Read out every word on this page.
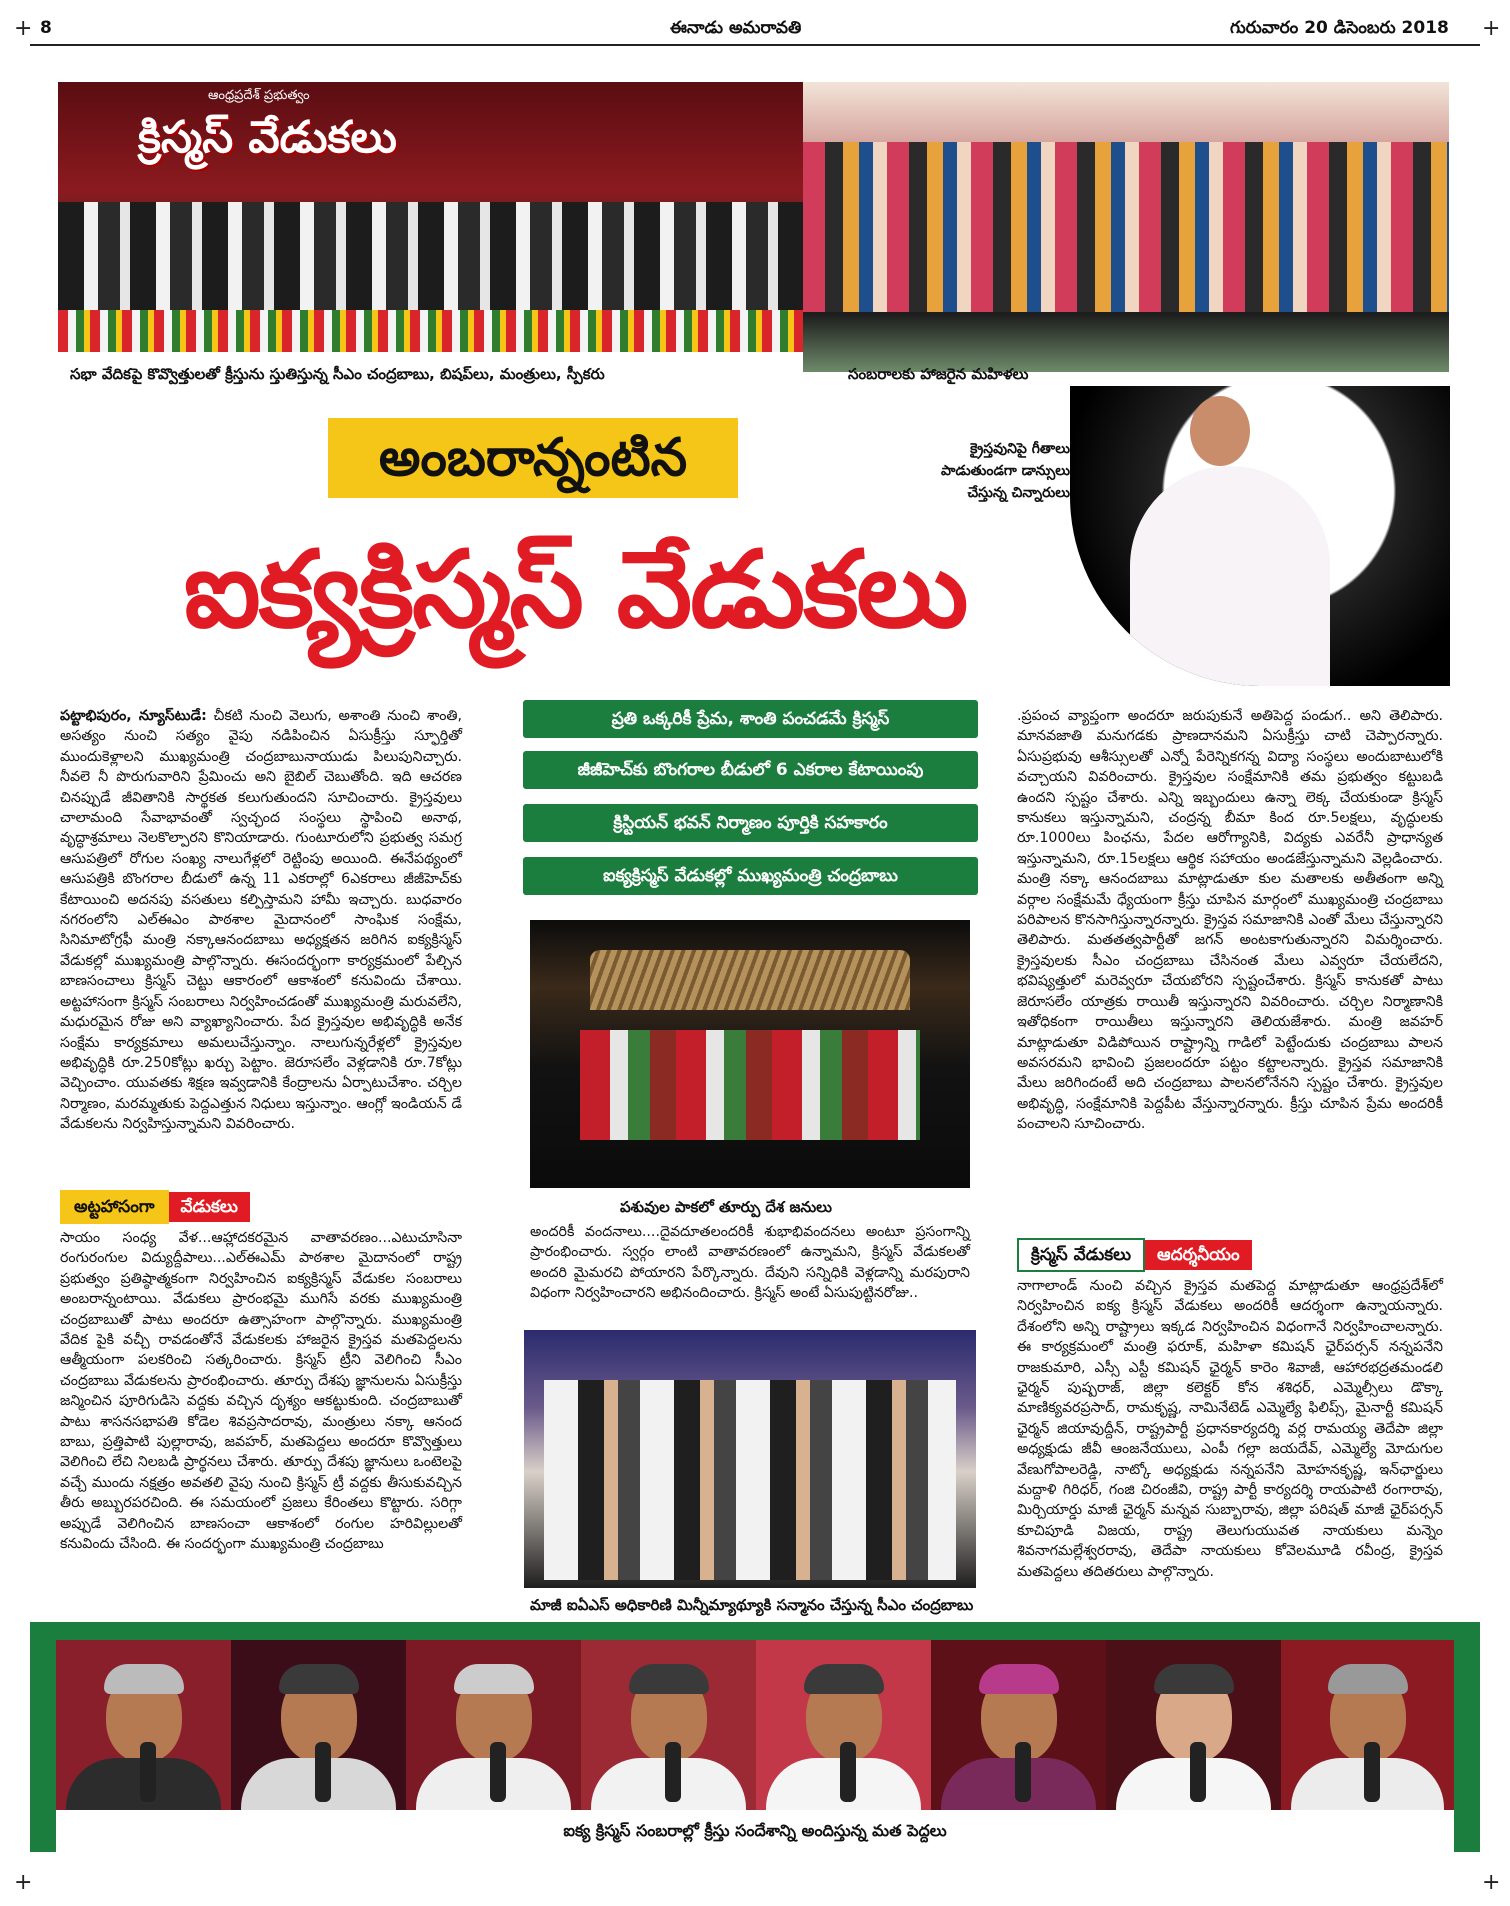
+	+
+	+
8	ఈనాడు అమరావతి	గురువారం 20 డిసెంబరు 2018
ఆంధ్రప్రదేశ్ ప్రభుత్వం
క్రిస్మస్ వేడుకలు
సభా వేదికపై కొవ్వొత్తులతో క్రీస్తును స్తుతిస్తున్న సీఎం చంద్రబాబు, బిషప్‌లు, మంత్రులు, స్పీకరు	సంబరాలకు హాజరైన మహిళలు
క్రైస్తవునిపై గీతాలు పాడుతుండగా డాన్సులు చేస్తున్న చిన్నారులు
అంబరాన్నంటిన
ఐక్యక్రిస్మస్ వేడుకలు

పట్టాభిపురం, న్యూస్‌టుడే: చీకటి నుంచి వెలుగు, అశాంతి నుంచి శాంతి, అసత్యం నుంచి సత్యం వైపు నడిపించిన ఏసుక్రీస్తు స్ఫూర్తితో ముందుకెళ్లాలని ముఖ్యమంత్రి చంద్రబాబునాయుడు పిలుపునిచ్చారు. నీవలె నీ పొరుగువారిని ప్రేమించు అని బైబిల్ చెబుతోంది. ఇది ఆచరణ చినప్పుడే జీవితానికి సార్థకత కలుగుతుందని సూచించారు. క్రైస్తవులు చాలామంది సేవాభావంతో స్వచ్ఛంద సంస్థలు స్థాపించి అనాథ, వృద్ధాశ్రమాలు నెలకొల్పారని కొనియాడారు. గుంటూరులోని ప్రభుత్వ సమగ్ర ఆసుపత్రిలో రోగుల సంఖ్య నాలుగేళ్లలో రెట్టింపు అయింది. ఈనేపథ్యంలో ఆసుపత్రికి బొంగరాల బీడులో ఉన్న 11 ఎకరాల్లో 6ఎకరాలు జీజీహెచ్‌కు కేటాయించి అదనపు వసతులు కల్పిస్తామని హామీ ఇచ్చారు. బుధవారం నగరంలోని ఎల్ఈఎం పాఠశాల మైదానంలో సాంఘిక సంక్షేమ, సినిమాటోగ్రఫీ మంత్రి నక్కాఆనందబాబు అధ్యక్షతన జరిగిన ఐక్యక్రిస్మస్ వేడుకల్లో ముఖ్యమంత్రి పాల్గొన్నారు. ఈసందర్భంగా కార్యక్రమంలో పేల్చిన బాణసంచాలు క్రిస్మస్ చెట్టు ఆకారంలో ఆకాశంలో కనువిందు చేశాయి. అట్టహాసంగా క్రిస్మస్ సంబరాలు నిర్వహించడంతో ముఖ్యమంత్రి మరువలేని, మధురమైన రోజు అని వ్యాఖ్యానించారు. పేద క్రైస్తవుల అభివృద్ధికి అనేక సంక్షేమ కార్యక్రమాలు అమలుచేస్తున్నాం. నాలుగున్నరేళ్లలో క్రైస్తవుల అభివృద్ధికి రూ.250కోట్లు ఖర్చు పెట్టాం. జెరూసలేం వెళ్లడానికి రూ.7కోట్లు వెచ్చించాం. యువతకు శిక్షణ ఇవ్వడానికి కేంద్రాలను ఏర్పాటుచేశాం. చర్చిల నిర్మాణం, మరమ్మతుకు పెద్దఎత్తున నిధులు ఇస్తున్నాం. ఆంగ్లో ఇండియన్ డే వేడుకలను నిర్వహిస్తున్నామని వివరించారు.

అట్టహాసంగా వేడుకలు

సాయం సంధ్య వేళ...ఆహ్లాదకరమైన వాతావరణం...ఎటుచూసినా రంగురంగుల విద్యుద్దీపాలు...ఎల్ఈఎమ్ పాఠశాల మైదానంలో రాష్ట్ర ప్రభుత్వం ప్రతిష్ఠాత్మకంగా నిర్వహించిన ఐక్యక్రిస్మస్ వేడుకల సంబరాలు అంబరాన్నంటాయి. వేడుకలు ప్రారంభమై ముగిసే వరకు ముఖ్యమంత్రి చంద్రబాబుతో పాటు అందరూ ఉత్సాహంగా పాల్గొన్నారు. ముఖ్యమంత్రి వేదిక పైకి వచ్చీ రావడంతోనే వేడుకలకు హాజరైన క్రైస్తవ మతపెద్దలను ఆత్మీయంగా పలకరించి సత్కరించారు. క్రిస్మస్ ట్రీని వెలిగించి సీఎం చంద్రబాబు వేడుకలను ప్రారంభించారు. తూర్పు దేశపు జ్ఞానులను ఏసుక్రీస్తు జన్మించిన పూరిగుడిసె వద్దకు వచ్చిన దృశ్యం ఆకట్టుకుంది. చంద్రబాబుతో పాటు శాసనసభాపతి కోడెల శివప్రసాదరావు, మంత్రులు నక్కా ఆనంద బాబు, ప్రత్తిపాటి పుల్లారావు, జవహర్, మతపెద్దలు అందరూ కొవ్వొత్తులు వెలిగించి లేచి నిలబడి ప్రార్థనలు చేశారు. తూర్పు దేశపు జ్ఞానులు ఒంటెలపై వచ్చే ముందు నక్షత్రం అవతలి వైపు నుంచి క్రిస్మస్ ట్రీ వద్దకు తీసుకువచ్చిన తీరు అబ్బురపరచింది. ఈ సమయంలో ప్రజలు కేరింతలు కొట్టారు. సరిగ్గా అప్పుడే వెలిగించిన బాణసంచా ఆకాశంలో రంగుల హరివిల్లులతో కనువిందు చేసింది. ఈ సందర్భంగా ముఖ్యమంత్రి చంద్రబాబు

ప్రతి ఒక్కరికీ ప్రేమ, శాంతి పంచడమే క్రిస్మస్
జీజీహెచ్‌కు బొంగరాల బీడులో 6 ఎకరాల కేటాయింపు
క్రిస్టియన్ భవన్ నిర్మాణం పూర్తికి సహకారం
ఐక్యక్రిస్మస్ వేడుకల్లో ముఖ్యమంత్రి చంద్రబాబు
పశువుల పాకలో తూర్పు దేశ జనులు

అందరికీ వందనాలు....దైవదూతలందరికీ శుభాభివందనలు అంటూ ప్రసంగాన్ని ప్రారంభించారు. స్వర్గం లాంటి వాతావరణంలో ఉన్నామని, క్రిస్మస్ వేడుకలతో అందరి మైమరచి పోయారని పేర్కొన్నారు. దేవుని సన్నిధికి వెళ్లడాన్ని మరపురాని విధంగా నిర్వహించారని అభినందించారు. క్రిస్మస్ అంటే ఏసుపుట్టినరోజు..

మాజీ ఐఏఎస్ అధికారిణి మిన్నీమ్యాథ్యూకి సన్మానం చేస్తున్న సీఎం చంద్రబాబు

.ప్రపంచ వ్యాప్తంగా అందరూ జరుపుకునే అతిపెద్ద పండుగ.. అని తెలిపారు. మానవజాతి మనుగడకు ప్రాణదానమని ఏసుక్రీస్తు చాటి చెప్పారన్నారు. ఏసుప్రభువు ఆశీస్సులతో ఎన్నో పేరెన్నికగన్న విద్యా సంస్థలు అందుబాటులోకి వచ్చాయని వివరించారు. క్రైస్తవుల సంక్షేమానికి తమ ప్రభుత్వం కట్టుబడి ఉందని స్పష్టం చేశారు. ఎన్ని ఇబ్బందులు ఉన్నా లెక్క చేయకుండా క్రిస్మస్ కానుకలు ఇస్తున్నామని, చంద్రన్న బీమా కింద రూ.5లక్షలు, వృద్ధులకు రూ.1000లు పింఛను, పేదల ఆరోగ్యానికి, విద్యకు ఎవరేనీ ప్రాధాన్యత ఇస్తున్నామని, రూ.15లక్షలు ఆర్థిక సహాయం అండజేస్తున్నామని వెల్లడించారు. మంత్రి నక్కా ఆనందబాబు మాట్లాడుతూ కుల మతాలకు అతీతంగా అన్ని వర్గాల సంక్షేమమే ధ్యేయంగా క్రీస్తు చూపిన మార్గంలో ముఖ్యమంత్రి చంద్రబాబు పరిపాలన కొనసాగిస్తున్నారన్నారు. క్రైస్తవ సమాజానికి ఎంతో మేలు చేస్తున్నారని తెలిపారు. మతతత్వపార్టీతో జగన్ అంటకాగుతున్నారని విమర్శించారు. క్రైస్తవులకు సీఎం చంద్రబాబు చేసినంత మేలు ఎవ్వరూ చేయలేదని, భవిష్యత్తులో మరెవ్వరూ చేయబోరని స్పష్టంచేశారు. క్రిస్మస్ కానుకతో పాటు జెరూసలేం యాత్రకు రాయితీ ఇస్తున్నారని వివరించారు. చర్చిల నిర్మాణానికి ఇతోధికంగా రాయితీలు ఇస్తున్నారని తెలియజేశారు. మంత్రి జవహర్ మాట్లాడుతూ విడిపోయిన రాష్ట్రాన్ని గాడిలో పెట్టేందుకు చంద్రబాబు పాలన అవసరమని భావించి ప్రజలందరూ పట్టం కట్టాలన్నారు. క్రైస్తవ సమాజానికి మేలు జరిగిందంటే అది చంద్రబాబు పాలనలోనేనని స్పష్టం చేశారు. క్రైస్తవుల అభివృద్ధి, సంక్షేమానికి పెద్దపీట వేస్తున్నారన్నారు. క్రీస్తు చూపిన ప్రేమ అందరికీ పంచాలని సూచించారు.

క్రిస్మస్ వేడుకలు ఆదర్శనీయం

నాగాలాండ్ నుంచి వచ్చిన క్రైస్తవ మతపెద్ద మాట్లాడుతూ ఆంధ్రప్రదేశ్‌లో నిర్వహించిన ఐక్య క్రిస్మస్ వేడుకలు అందరికీ ఆదర్శంగా ఉన్నాయన్నారు. దేశంలోని అన్ని రాష్ట్రాలు ఇక్కడ నిర్వహించిన విధంగానే నిర్వహించాలన్నారు. ఈ కార్యక్రమంలో మంత్రి ఫరూక్, మహిళా కమిషన్ ఛైర్‌పర్సన్ నన్నపనేని రాజకుమారి, ఎస్సీ ఎస్టీ కమిషన్ ఛైర్మన్ కారెం శివాజీ, ఆహారభద్రతమండలి ఛైర్మన్ పుష్పరాజ్, జిల్లా కలెక్టర్ కోన శశిధర్, ఎమ్మెల్సీలు డొక్కా మాణిక్యవరప్రసాద్, రామకృష్ణ, నామినేటెడ్ ఎమ్మెల్యే ఫిలిప్స్, మైనార్టీ కమిషన్ ఛైర్మన్ జియావుద్దీన్, రాష్ట్రపార్టీ ప్రధానకార్యదర్శి వర్ల రామయ్య తెదేపా జిల్లా అధ్యక్షుడు జీవీ ఆంజనేయులు, ఎంపీ గల్లా జయదేవ్, ఎమ్మెల్యే మోదుగుల వేణుగోపాలరెడ్డి, నాట్కో అధ్యక్షుడు నన్నపనేని మోహనకృష్ణ, ఇన్‌ఛార్జులు మద్దాళి గిరిధర్, గంజి చిరంజీవి, రాష్ట్ర పార్టీ కార్యదర్శి రాయపాటి రంగారావు, మిర్చియార్డు మాజీ ఛైర్మన్ మన్నవ సుబ్బారావు, జిల్లా పరిషత్ మాజీ ఛైర్‌పర్సన్ కూచిపూడి విజయ, రాష్ట్ర తెలుగుయువత నాయకులు మన్నెం శివనాగమల్లేశ్వరరావు, తెదేపా నాయకులు కోవెలమూడి రవీంద్ర, క్రైస్తవ మతపెద్దలు తదితరులు పాల్గొన్నారు.

ఐక్య క్రిస్మస్ సంబరాల్లో క్రీస్తు సందేశాన్ని అందిస్తున్న మత పెద్దలు
